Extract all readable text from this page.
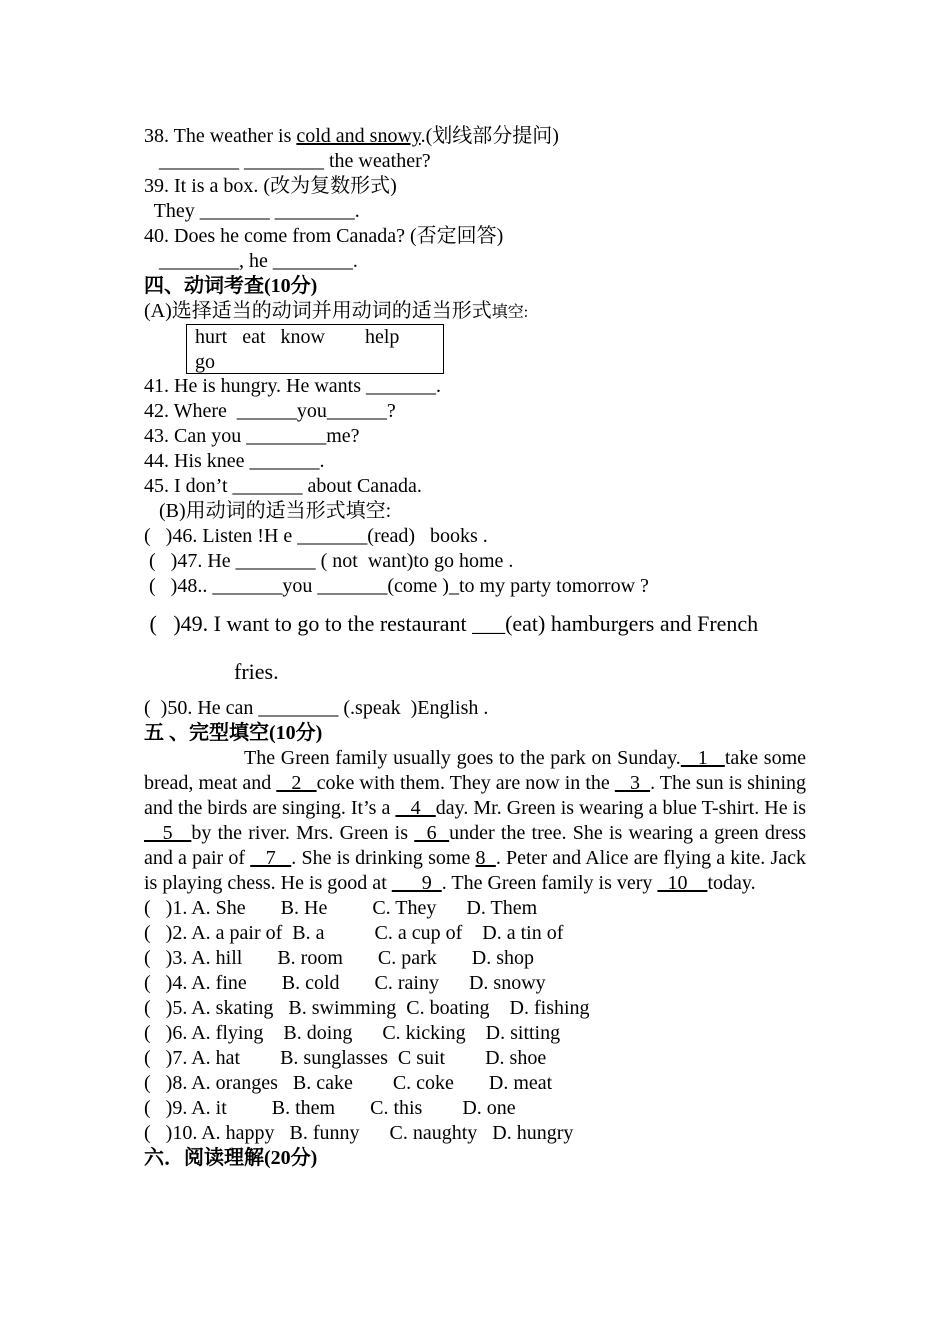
38. The weather is cold and snowy.(划线部分提问)
________ ________ the weather?
39. It is a box. (改为复数形式)
They _______ ________.
40. Does he come from Canada? (否定回答)
________, he ________.
四、动词考查(10分)
(A)选择适当的动词并用动词的适当形式填空:
hurt   eat   know        help
go
41. He is hungry. He wants _______.
42. Where  ______you______?
43. Can you ________me?
44. His knee _______.
45. I don’t _______ about Canada.
(B)用动词的适当形式填空:
(   )46. Listen !H e _______(read)   books .
(   )47. He ________ ( not  want)to go home .
(   )48.. _______you _______(come )_to my party tomorrow ?
(   )49. I want to go to the restaurant ___(eat) hamburgers and French
fries.
(  )50. He can ________ (.speak  )English .
五 、完型填空(10分)
The Green family usually goes to the park on Sunday.   1   take some bread, meat and    2   coke with them. They are now in the    3  . The sun is shining and the birds are singing. It’s a    4   day. Mr. Green is wearing a blue T-shirt. He is    5   by the river. Mrs. Green is   6  under the tree. She is wearing a green dress and a pair of    7   . She is drinking some 8  . Peter and Alice are flying a kite. Jack is playing chess. He is good at       9  . The Green family is very   10    today.
(   )1. A. She       B. He         C. They      D. Them
(   )2. A. a pair of  B. a          C. a cup of    D. a tin of
(   )3. A. hill       B. room       C. park       D. shop
(   )4. A. fine       B. cold       C. rainy      D. snowy
(   )5. A. skating   B. swimming  C. boating    D. fishing
(   )6. A. flying    B. doing      C. kicking    D. sitting
(   )7. A. hat        B. sunglasses  C suit        D. shoe
(   )8. A. oranges   B. cake        C. coke       D. meat
(   )9. A. it         B. them       C. this        D. one
(   )10. A. happy   B. funny      C. naughty   D. hungry
六．阅读理解(20分)
